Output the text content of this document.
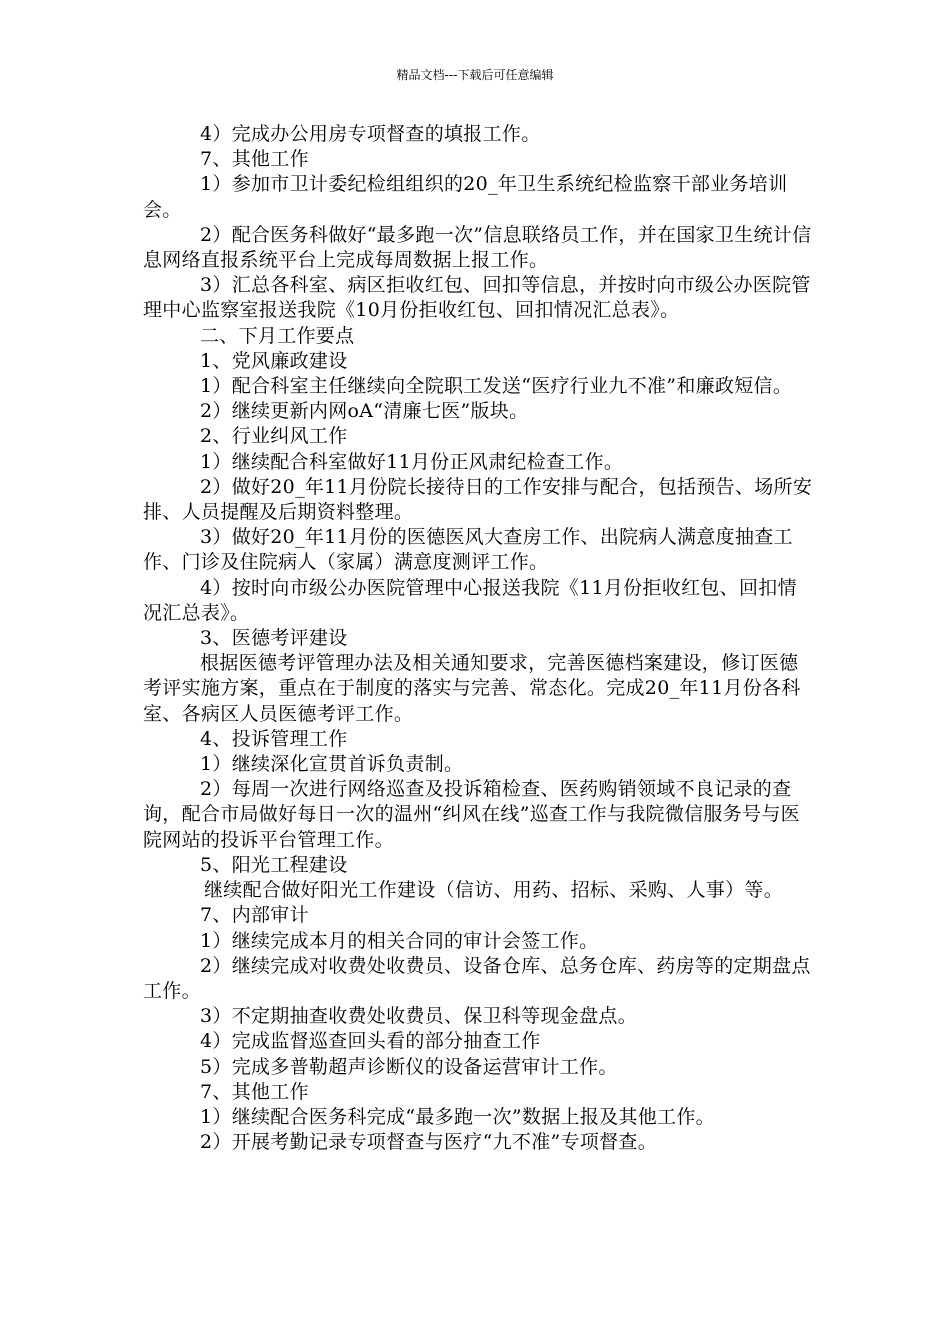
精品文档---下载后可任意编辑

4）完成办公用房专项督查的填报工作。

7、其他工作

1）参加市卫计委纪检组组织的20_年卫生系统纪检监察干部业务培训会。

2）配合医务科做好“最多跑一次”信息联络员工作，并在国家卫生统计信息网络直报系统平台上完成每周数据上报工作。

3）汇总各科室、病区拒收红包、回扣等信息，并按时向市级公办医院管理中心监察室报送我院《10月份拒收红包、回扣情况汇总表》。

二、下月工作要点

1、党风廉政建设

1）配合科室主任继续向全院职工发送“医疗行业九不准”和廉政短信。

2）继续更新内网oA“清廉七医”版块。

2、行业纠风工作

1）继续配合科室做好11月份正风肃纪检查工作。

2）做好20_年11月份院长接待日的工作安排与配合，包括预告、场所安排、人员提醒及后期资料整理。

3）做好20_年11月份的医德医风大查房工作、出院病人满意度抽查工作、门诊及住院病人（家属）满意度测评工作。

4）按时向市级公办医院管理中心报送我院《11月份拒收红包、回扣情况汇总表》。

3、医德考评建设

根据医德考评管理办法及相关通知要求，完善医德档案建设，修订医德考评实施方案，重点在于制度的落实与完善、常态化。完成20_年11月份各科室、各病区人员医德考评工作。

4、投诉管理工作

1）继续深化宣贯首诉负责制。

2）每周一次进行网络巡查及投诉箱检查、医药购销领域不良记录的查询，配合市局做好每日一次的温州“纠风在线”巡查工作与我院微信服务号与医院网站的投诉平台管理工作。

5、阳光工程建设

继续配合做好阳光工作建设（信访、用药、招标、采购、人事）等。

7、内部审计

1）继续完成本月的相关合同的审计会签工作。

2）继续完成对收费处收费员、设备仓库、总务仓库、药房等的定期盘点工作。

3）不定期抽查收费处收费员、保卫科等现金盘点。

4）完成监督巡查回头看的部分抽查工作

5）完成多普勒超声诊断仪的设备运营审计工作。

7、其他工作

1）继续配合医务科完成“最多跑一次”数据上报及其他工作。

2）开展考勤记录专项督查与医疗“九不准”专项督查。
